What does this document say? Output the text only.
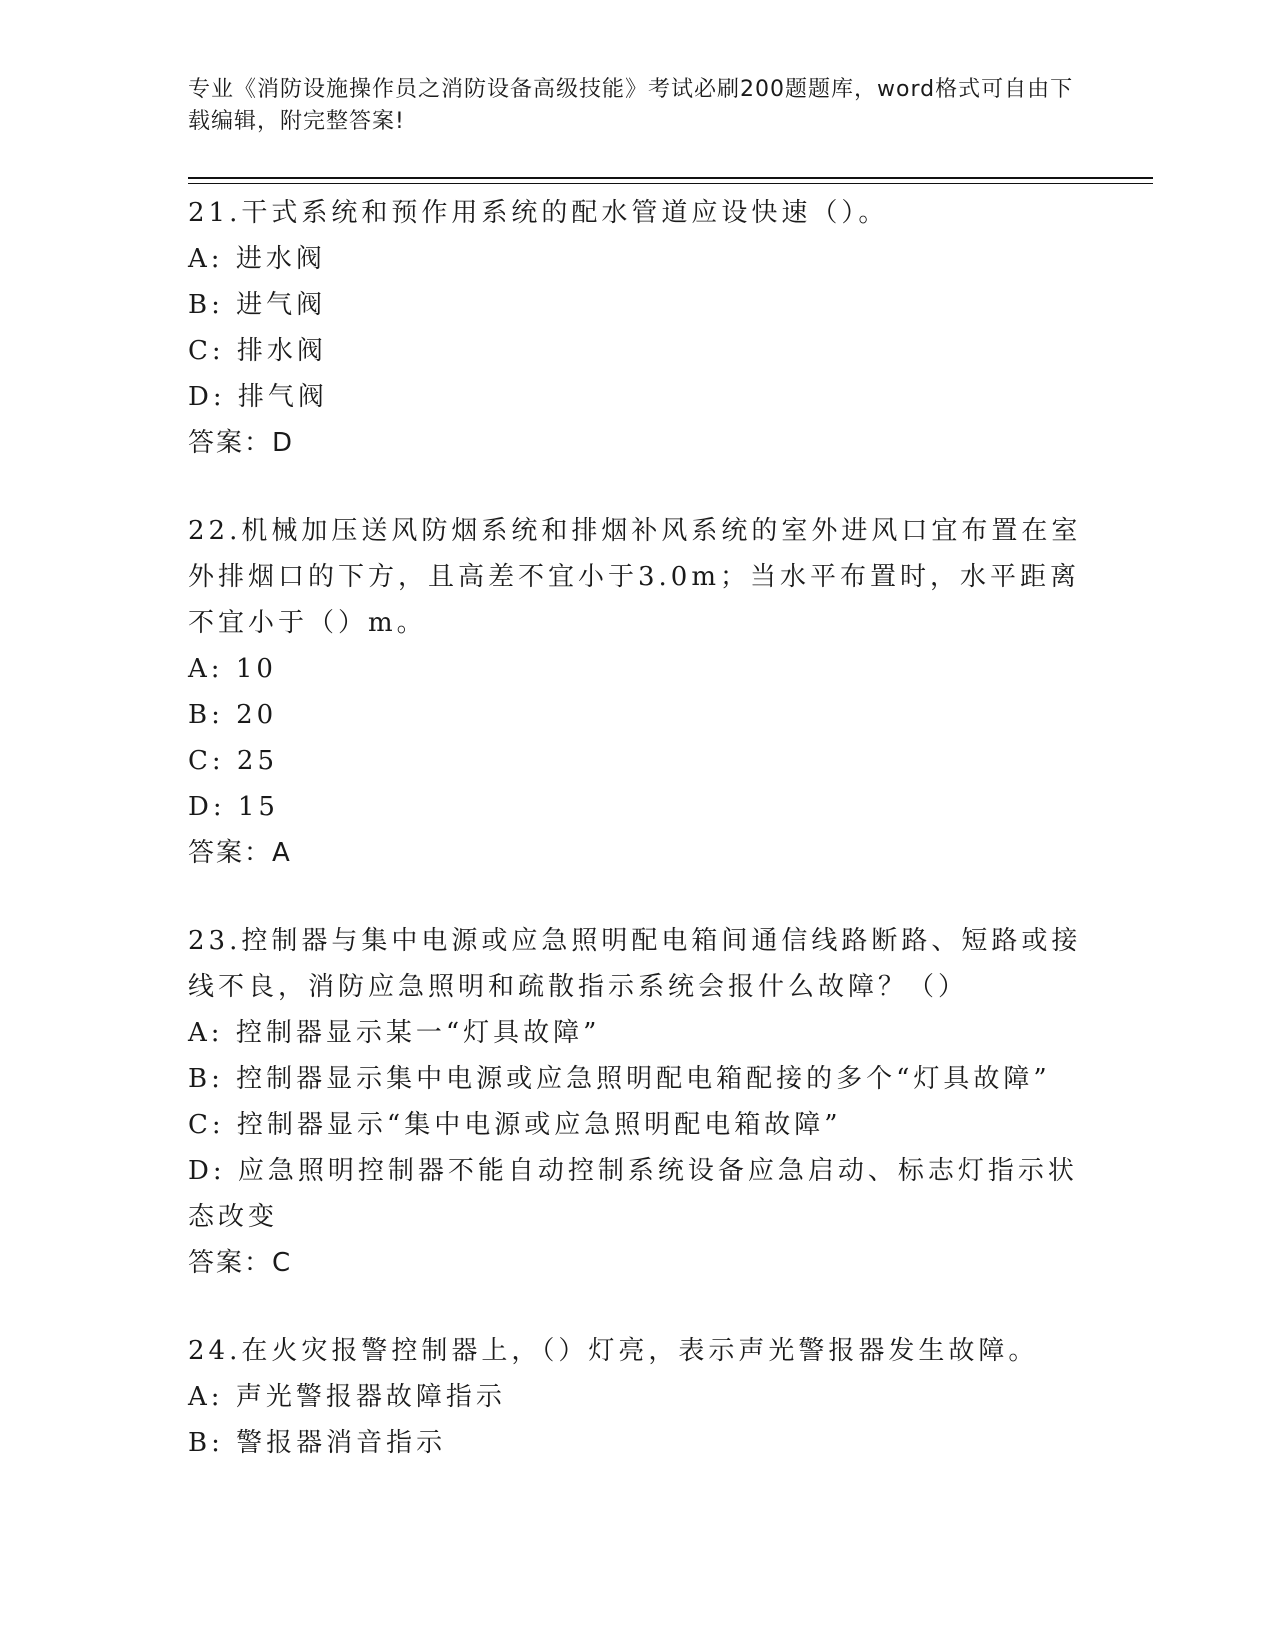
专业《消防设施操作员之消防设备高级技能》考试必刷200题题库，word格式可自由下载编辑，附完整答案!

21.干式系统和预作用系统的配水管道应设快速（）。

A: 进水阀

B: 进气阀

C: 排水阀

D: 排气阀

答案：D

22.机械加压送风防烟系统和排烟补风系统的室外进风口宜布置在室外排烟口的下方，且高差不宜小于3.0m；当水平布置时，水平距离不宜小于（）m。

A: 10

B: 20

C: 25

D: 15

答案：A

23.控制器与集中电源或应急照明配电箱间通信线路断路、短路或接线不良，消防应急照明和疏散指示系统会报什么故障？（）

A: 控制器显示某一“灯具故障”

B: 控制器显示集中电源或应急照明配电箱配接的多个“灯具故障”

C: 控制器显示“集中电源或应急照明配电箱故障”

D: 应急照明控制器不能自动控制系统设备应急启动、标志灯指示状态改变

答案：C

24.在火灾报警控制器上，（）灯亮，表示声光警报器发生故障。

A: 声光警报器故障指示

B: 警报器消音指示
